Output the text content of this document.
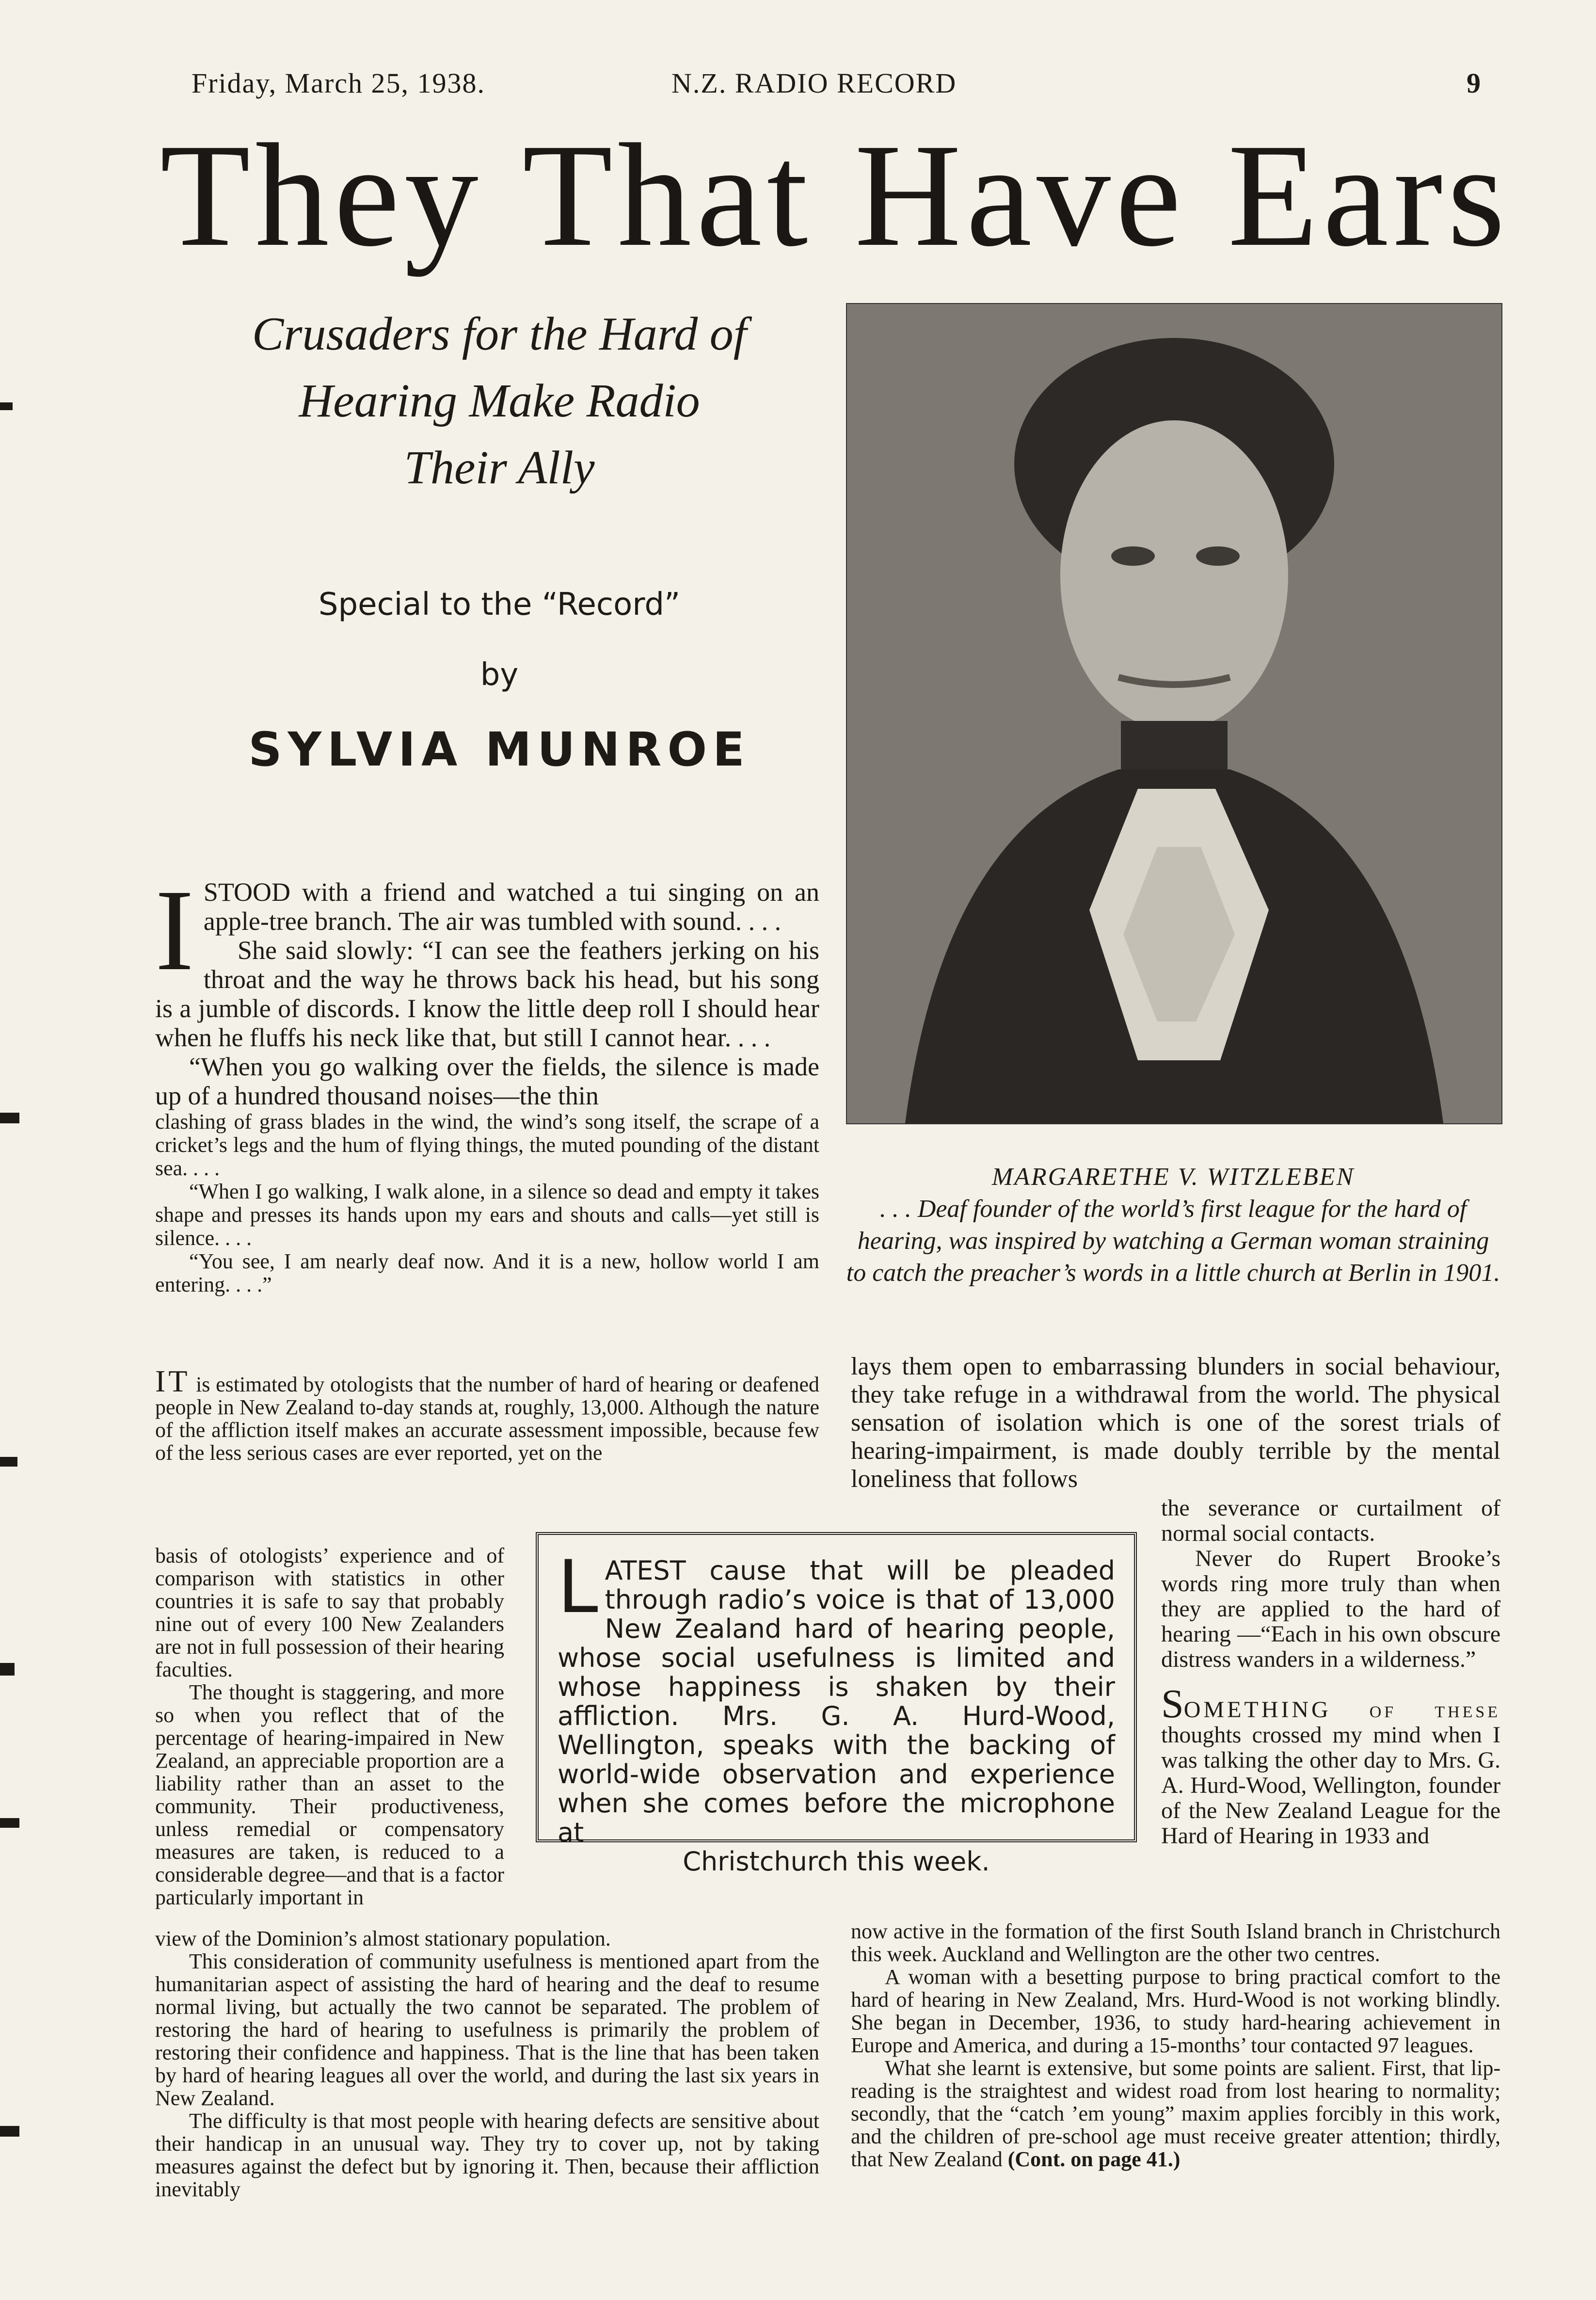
Friday, March 25, 1938.	N.Z. RADIO RECORD	9
They That Have Ears
Crusaders for the Hard of
Hearing Make Radio
Their Ally
Special to the “Record”
by
SYLVIA MUNROE
MARGARETHE V. WITZLEBEN
. . . Deaf founder of the world’s first league for the hard of hearing, was inspired by watching a German woman straining to catch the preacher’s words in a little church at Berlin in 1901.
I STOOD with a friend and watched a tui singing on an apple-tree branch. The air was tumbled with sound. . . .

She said slowly: “I can see the feathers jerking on his throat and the way he throws back his head, but his song is a jumble of discords. I know the little deep roll I should hear when he fluffs his neck like that, but still I cannot hear. . . .

“When you go walking over the fields, the silence is made up of a hundred thousand noises—the thin

clashing of grass blades in the wind, the wind’s song itself, the scrape of a cricket’s legs and the hum of flying things, the muted pounding of the distant sea. . . .

“When I go walking, I walk alone, in a silence so dead and empty it takes shape and presses its hands upon my ears and shouts and calls—yet still is silence. . . .

“You see, I am nearly deaf now. And it is a new, hollow world I am entering. . . .”

IT is estimated by otologists that the number of hard of hearing or deafened people in New Zealand to-day stands at, roughly, 13,000. Although the nature of the affliction itself makes an accurate assessment impossible, because few of the less serious cases are ever reported, yet on the

basis of otologists’ experience and of comparison with statistics in other countries it is safe to say that probably nine out of every 100 New Zealanders are not in full possession of their hearing faculties.

The thought is staggering, and more so when you reflect that of the percentage of hearing-impaired in New Zealand, an appreciable proportion are a liability rather than an asset to the community. Their productiveness, unless remedial or compensatory measures are taken, is reduced to a considerable degree—and that is a factor particularly important in

view of the Dominion’s almost stationary population.

This consideration of community usefulness is mentioned apart from the humanitarian aspect of assisting the hard of hearing and the deaf to resume normal living, but actually the two cannot be separated. The problem of restoring the hard of hearing to usefulness is primarily the problem of restoring their confidence and happiness. That is the line that has been taken by hard of hearing leagues all over the world, and during the last six years in New Zealand.

The difficulty is that most people with hearing defects are sensitive about their handicap in an unusual way. They try to cover up, not by taking measures against the defect but by ignoring it. Then, because their affliction inevitably

lays them open to embarrassing blunders in social behaviour, they take refuge in a withdrawal from the world. The physical sensation of isolation which is one of the sorest trials of hearing-impairment, is made doubly terrible by the mental loneliness that follows

the severance or curtailment of normal social contacts.

Never do Rupert Brooke’s words ring more truly than when they are applied to the hard of hearing —“Each in his own obscure distress wanders in a wilderness.”

SOMETHING of these thoughts crossed my mind when I was talking the other day to Mrs. G. A. Hurd-Wood, Wellington, founder of the New Zealand League for the Hard of Hearing in 1933 and

now active in the formation of the first South Island branch in Christchurch this week. Auckland and Wellington are the other two centres.

A woman with a besetting purpose to bring practical comfort to the hard of hearing in New Zealand, Mrs. Hurd-Wood is not working blindly. She began in December, 1936, to study hard-hearing achievement in Europe and America, and during a 15-months’ tour contacted 97 leagues.

What she learnt is extensive, but some points are salient. First, that lip-reading is the straightest and widest road from lost hearing to normality; secondly, that the “catch ’em young” maxim applies forcibly in this work, and the children of pre-school age must receive greater attention; thirdly, that New Zealand (Cont. on page 41.)

L ATEST cause that will be pleaded through radio’s voice is that of 13,000 New Zealand hard of hearing people, whose social usefulness is limited and whose happiness is shaken by their affliction. Mrs. G. A. Hurd-Wood, Wellington, speaks with the backing of world-wide observation and experience when she comes before the microphone at
Christchurch this week.
